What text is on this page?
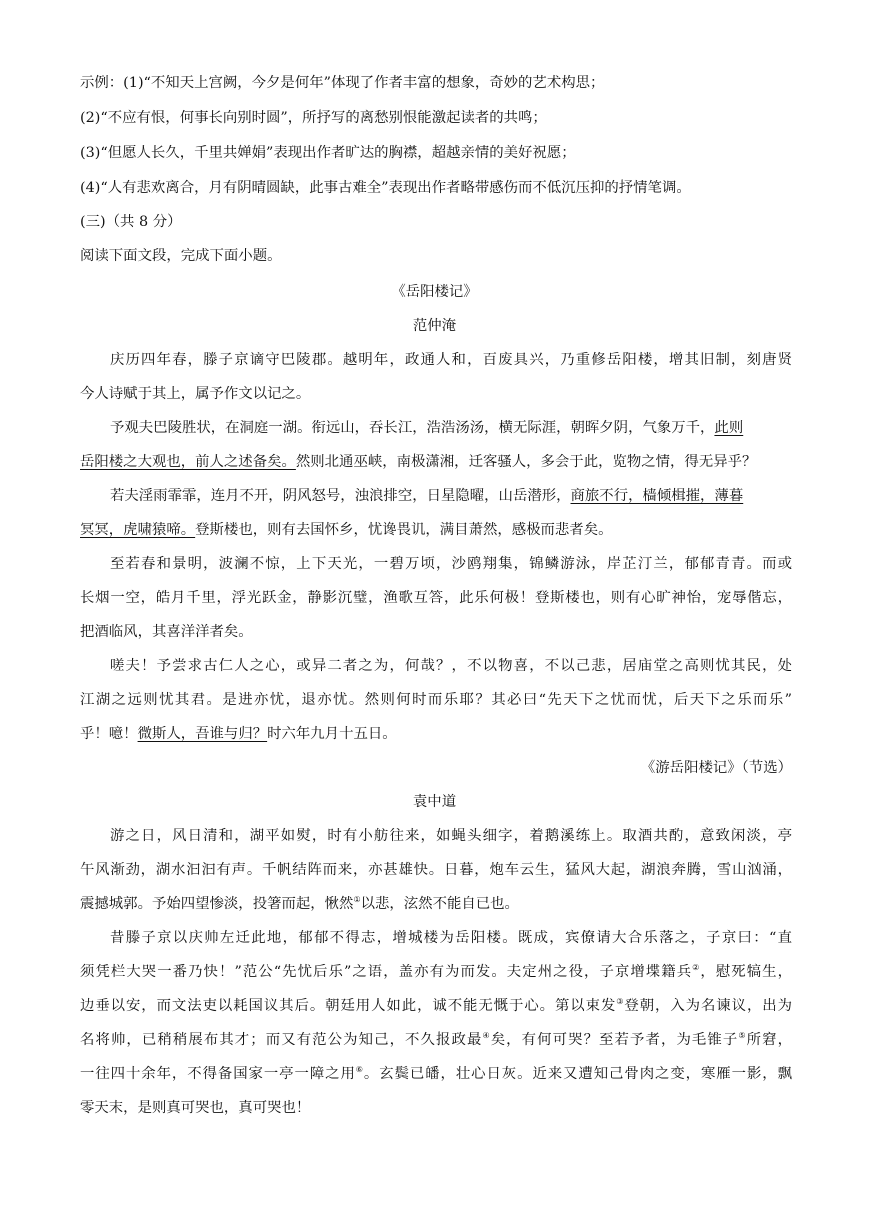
示例：(1)“不知天上宫阙，今夕是何年”体现了作者丰富的想象，奇妙的艺术构思；
(2)“不应有恨，何事长向别时圆”，所抒写的离愁别恨能激起读者的共鸣；
(3)“但愿人长久，千里共婵娟”表现出作者旷达的胸襟，超越亲情的美好祝愿；
(4)“人有悲欢离合，月有阴晴圆缺，此事古难全”表现出作者略带感伤而不低沉压抑的抒情笔调。
(三)（共 8 分）
阅读下面文段，完成下面小题。
《岳阳楼记》
范仲淹
庆历四年春，滕子京谪守巴陵郡。越明年，政通人和，百废具兴，乃重修岳阳楼，增其旧制，刻唐贤
今人诗赋于其上，属予作文以记之。
予观夫巴陵胜状，在洞庭一湖。衔远山，吞长江，浩浩汤汤，横无际涯，朝晖夕阴，气象万千，此则
岳阳楼之大观也，前人之述备矣。然则北通巫峡，南极潇湘，迁客骚人，多会于此，览物之情，得无异乎？
若夫淫雨霏霏，连月不开，阴风怒号，浊浪排空，日星隐曜，山岳潜形，商旅不行，樯倾楫摧，薄暮
冥冥，虎啸猿啼。登斯楼也，则有去国怀乡，忧谗畏讥，满目萧然，感极而悲者矣。
至若春和景明，波澜不惊，上下天光，一碧万顷，沙鸥翔集，锦鳞游泳，岸芷汀兰，郁郁青青。而或
长烟一空，皓月千里，浮光跃金，静影沉璧，渔歌互答，此乐何极！登斯楼也，则有心旷神怡，宠辱偕忘，
把酒临风，其喜洋洋者矣。
嗟夫！予尝求古仁人之心，或异二者之为，何哉？，不以物喜，不以己悲，居庙堂之高则忧其民，处
江湖之远则忧其君。是进亦忧，退亦忧。然则何时而乐耶？其必曰“先天下之忧而忧，后天下之乐而乐”
乎！噫！微斯人，吾谁与归？时六年九月十五日。
《游岳阳楼记》（节选）
袁中道
游之日，风日清和，湖平如熨，时有小舫往来，如蝇头细字，着鹅溪练上。取酒共酌，意致闲淡，亭
午风渐劲，湖水汩汩有声。千帆结阵而来，亦甚雄快。日暮，炮车云生，猛风大起，湖浪奔腾，雪山汹涌，
震撼城郭。予始四望惨淡，投箸而起，愀然①以悲，泫然不能自已也。
昔滕子京以庆帅左迁此地，郁郁不得志，增城楼为岳阳楼。既成，宾僚请大合乐落之，子京曰：“直
须凭栏大哭一番乃快！”范公“先忧后乐”之语，盖亦有为而发。夫定州之役，子京增堞籍兵②，慰死犒生，
边垂以安，而文法吏以耗国议其后。朝廷用人如此，诚不能无慨于心。第以束发③登朝，入为名谏议，出为
名将帅，已稍稍展布其才；而又有范公为知己，不久报政最④矣，有何可哭？至若予者，为毛锥子⑤所窘，
一往四十余年，不得备国家一亭一障之用⑥。玄鬓已皤，壮心日灰。近来又遭知己骨肉之变，寒雁一影，飘
零天末，是则真可哭也，真可哭也！
